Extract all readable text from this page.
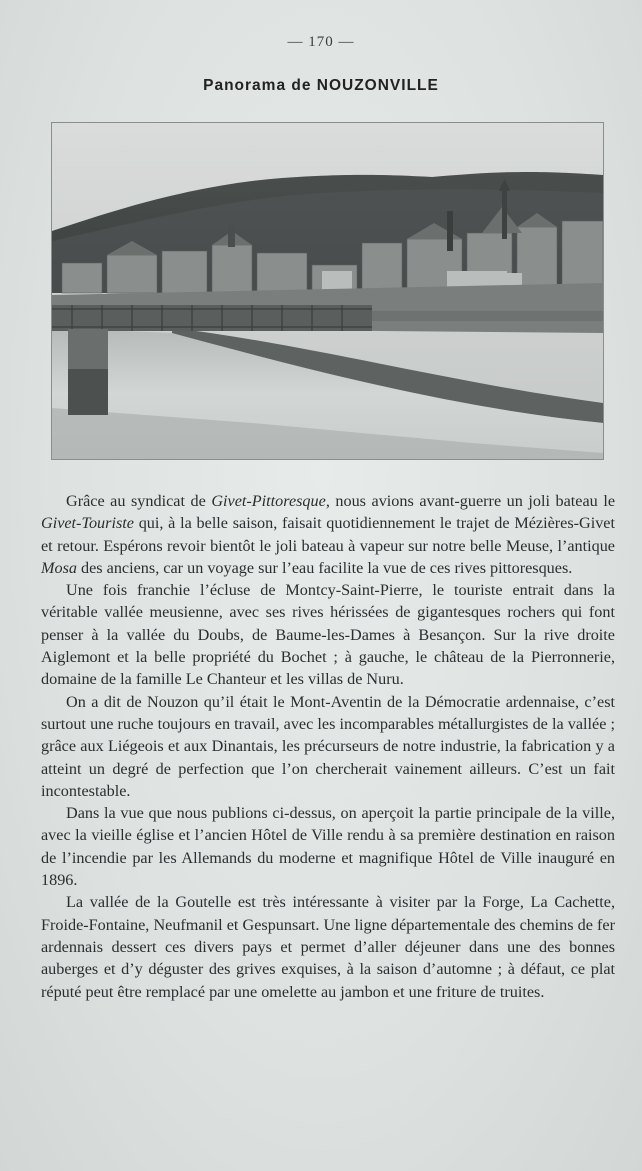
— 170 —
Panorama de NOUZONVILLE

Grâce au syndicat de Givet-Pittoresque, nous avions avant-guerre un joli bateau le Givet-Touriste qui, à la belle saison, faisait quotidiennement le trajet de Mézières-Givet et retour. Espérons revoir bientôt le joli bateau à vapeur sur notre belle Meuse, l’antique Mosa des anciens, car un voyage sur l’eau facilite la vue de ces rives pittoresques.

Une fois franchie l’écluse de Montcy-Saint-Pierre, le touriste entrait dans la véritable vallée meusienne, avec ses rives hérissées de gigantesques rochers qui font penser à la vallée du Doubs, de Baume-les-Dames à Besançon. Sur la rive droite Aiglemont et la belle propriété du Bochet ; à gauche, le château de la Pierronnerie, domaine de la famille Le Chanteur et les villas de Nuru.

On a dit de Nouzon qu’il était le Mont-Aventin de la Démocratie ardennaise, c’est surtout une ruche toujours en travail, avec les incomparables métallurgistes de la vallée ; grâce aux Liégeois et aux Dinantais, les précurseurs de notre industrie, la fabrication y a atteint un degré de perfection que l’on chercherait vainement ailleurs. C’est un fait incontestable.

Dans la vue que nous publions ci-dessus, on aperçoit la partie principale de la ville, avec la vieille église et l’ancien Hôtel de Ville rendu à sa première destination en raison de l’incendie par les Allemands du moderne et magnifique Hôtel de Ville inauguré en 1896.

La vallée de la Goutelle est très intéressante à visiter par la Forge, La Cachette, Froide-Fontaine, Neufmanil et Gespunsart. Une ligne départementale des chemins de fer ardennais dessert ces divers pays et permet d’aller déjeuner dans une des bonnes auberges et d’y déguster des grives exquises, à la saison d’automne ; à défaut, ce plat réputé peut être remplacé par une omelette au jambon et une friture de truites.
